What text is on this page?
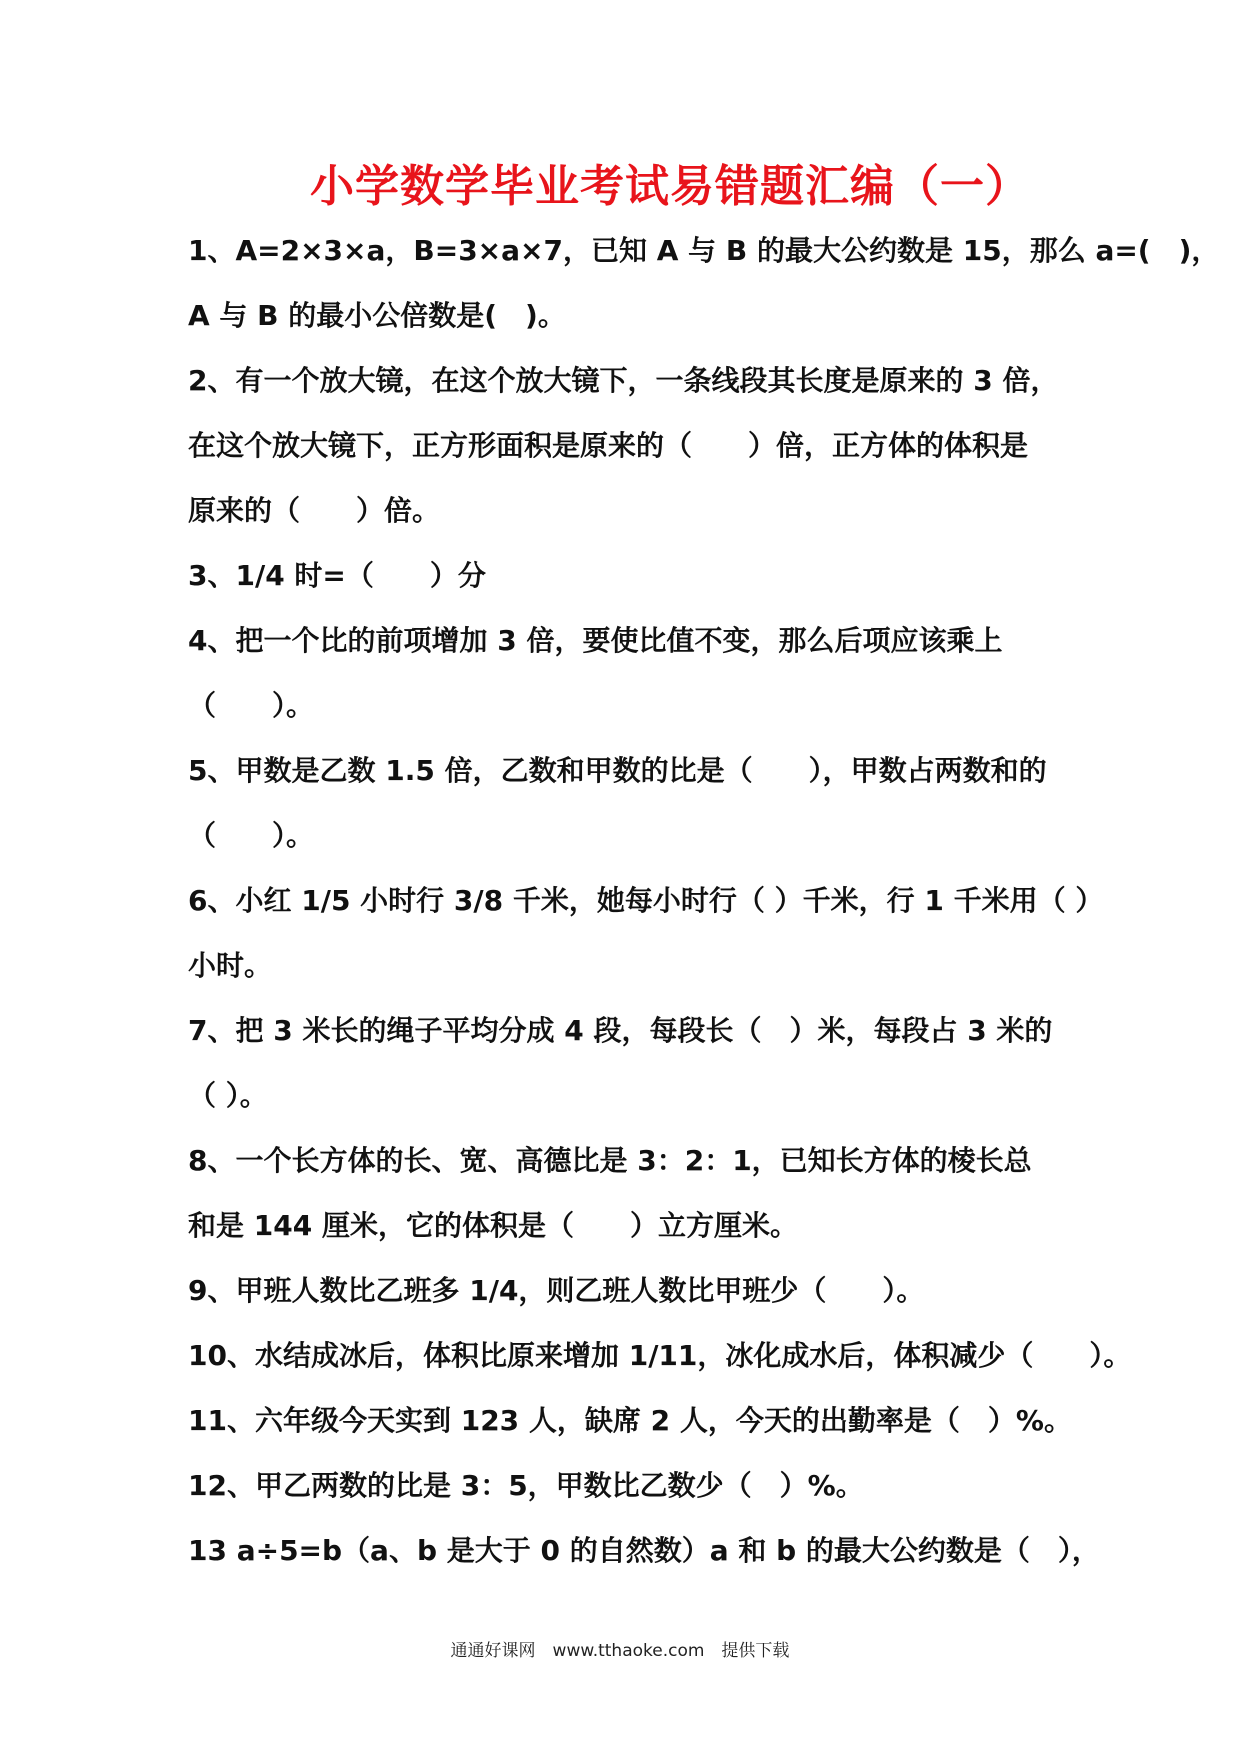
小学数学毕业考试易错题汇编（一）
1、A=2×3×a，B=3×a×7，已知 A 与 B 的最大公约数是 15，那么 a=(　)，
A 与 B 的最小公倍数是(　)。
2、有一个放大镜，在这个放大镜下，一条线段其长度是原来的 3 倍，
在这个放大镜下，正方形面积是原来的（　　）倍，正方体的体积是
原来的（　　）倍。
3、1/4 时=（　　）分
4、把一个比的前项增加 3 倍，要使比值不变，那么后项应该乘上
（　　）。
5、甲数是乙数 1.5 倍，乙数和甲数的比是（　　），甲数占两数和的
（　　）。
6、小红 1/5 小时行 3/8 千米，她每小时行（ ）千米，行 1 千米用（ ）
小时。
7、把 3 米长的绳子平均分成 4 段，每段长（　）米，每段占 3 米的
（ ）。
8、一个长方体的长、宽、高德比是 3：2：1，已知长方体的棱长总
和是 144 厘米，它的体积是（　　）立方厘米。
9、甲班人数比乙班多 1/4，则乙班人数比甲班少（　　）。
10、水结成冰后，体积比原来增加 1/11，冰化成水后，体积减少（　　）。
11、六年级今天实到 123 人，缺席 2 人，今天的出勤率是（　）%。
12、甲乙两数的比是 3：5，甲数比乙数少（　）%。
13 a÷5=b（a、b 是大于 0 的自然数）a 和 b 的最大公约数是（　），
通通好课网　www.tthaoke.com　提供下载
